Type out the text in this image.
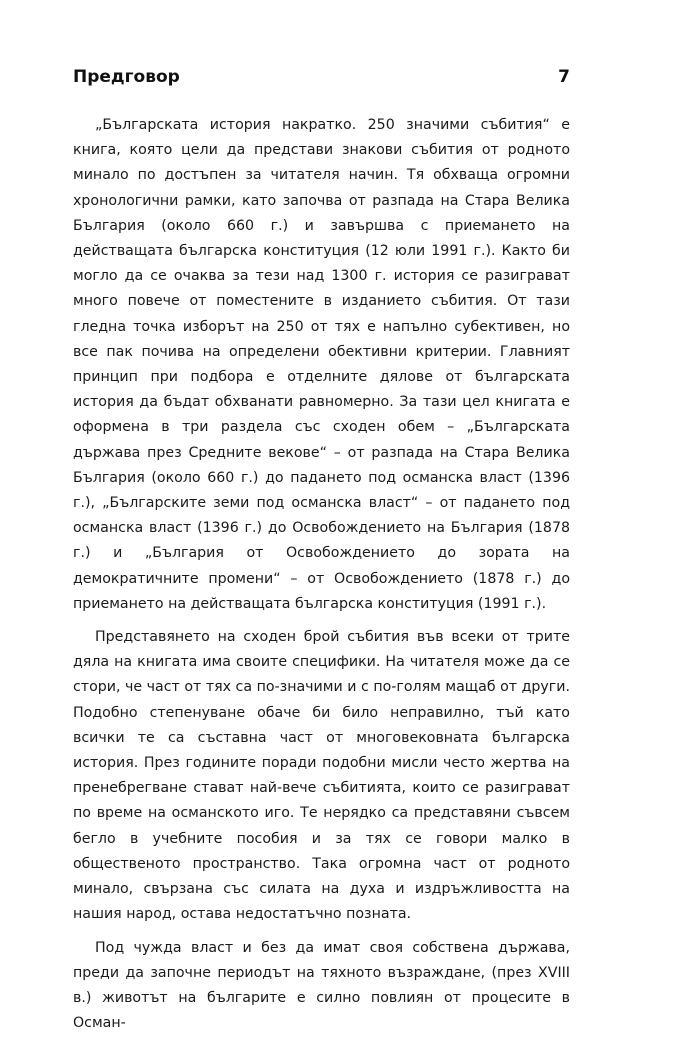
Предговор	7

„Българската история накратко. 250 значими събития“ е книга, която цели да представи знакови събития от родното минало по достъпен за читателя начин. Тя обхваща огромни хронологични рамки, като започва от разпада на Стара Велика България (около 660 г.) и завършва с приемането на действащата българска конституция (12 юли 1991 г.). Както би могло да се очаква за тези над 1300 г. история се разиграват много повече от поместените в изданието събития. От тази гледна точка изборът на 250 от тях е напълно субективен, но все пак почива на определени обективни критерии. Главният принцип при подбора е отделните дялове от българската история да бъдат обхванати равномерно. За тази цел книгата е оформена в три раздела със сходен обем – „Българската държава през Средните векове“ – от разпада на Стара Велика България (около 660 г.) до падането под османска власт (1396 г.), „Българските земи под османска власт“ – от падането под османска власт (1396 г.) до Освобождението на България (1878 г.) и „България от Освобождението до зората на демократичните промени“ – от Освобождението (1878 г.) до приемането на действащата българска конституция (1991 г.).

Представянето на сходен брой събития във всеки от трите дяла на книгата има своите специфики. На читателя може да се стори, че част от тях са по-значими и с по-голям мащаб от други. Подобно степенуване обаче би било неправилно, тъй като всички те са съставна част от многовековната българска история. През годините поради подобни мисли често жертва на пренебрегване стават най-вече събитията, които се разиграват по време на османското иго. Те нерядко са представяни съвсем бегло в учебните пособия и за тях се говори малко в общественото пространство. Така огромна част от родното минало, свързана със силата на духа и издръжливостта на нашия народ, остава недостатъчно позната.

Под чужда власт и без да имат своя собствена държава, преди да започне периодът на тяхното възраждане, (през XVIII в.) животът на българите е силно повлиян от процесите в Осман-
